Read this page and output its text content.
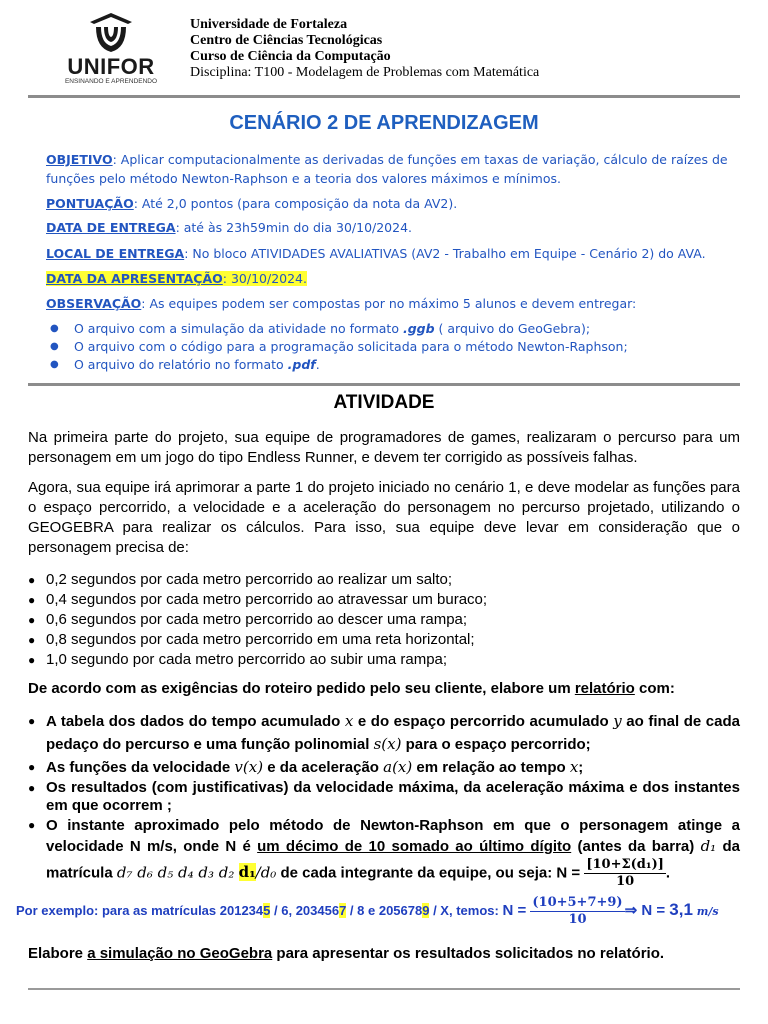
UNIFOR
ENSINANDO E APRENDENDO
Universidade de Fortaleza
Centro de Ciências Tecnológicas
Curso de Ciência da Computação
Disciplina: T100 - Modelagem de Problemas com Matemática
CENÁRIO 2 DE APRENDIZAGEM
OBJETIVO: Aplicar computacionalmente as derivadas de funções em taxas de variação, cálculo de raízes de funções pelo método Newton-Raphson e a teoria dos valores máximos e mínimos.
PONTUAÇÃO: Até 2,0 pontos (para composição da nota da AV2).
DATA DE ENTREGA: até às 23h59min do dia 30/10/2024.
LOCAL DE ENTREGA: No bloco ATIVIDADES AVALIATIVAS (AV2 - Trabalho em Equipe - Cenário 2) do AVA.
DATA DA APRESENTAÇÃO: 30/10/2024.
OBSERVAÇÃO: As equipes podem ser compostas por no máximo 5 alunos e devem entregar:
● O arquivo com a simulação da atividade no formato .ggb ( arquivo do GeoGebra);
● O arquivo com o código para a programação solicitada para o método Newton-Raphson;
● O arquivo do relatório no formato .pdf.
ATIVIDADE
Na primeira parte do projeto, sua equipe de programadores de games, realizaram o percurso para um personagem em um jogo do tipo Endless Runner, e devem ter corrigido as possíveis falhas.
Agora, sua equipe irá aprimorar a parte 1 do projeto iniciado no cenário 1, e deve modelar as funções para o espaço percorrido, a velocidade e a aceleração do personagem no percurso projetado, utilizando o GEOGEBRA para realizar os cálculos. Para isso, sua equipe deve levar em consideração que o personagem precisa de:
● 0,2 segundos por cada metro percorrido ao realizar um salto;
● 0,4 segundos por cada metro percorrido ao atravessar um buraco;
● 0,6 segundos por cada metro percorrido ao descer uma rampa;
● 0,8 segundos por cada metro percorrido em uma reta horizontal;
● 1,0 segundo por cada metro percorrido ao subir uma rampa;
De acordo com as exigências do roteiro pedido pelo seu cliente, elabore um relatório com:
● A tabela dos dados do tempo acumulado x e do espaço percorrido acumulado y ao final de cada pedaço do percurso e uma função polinomial s(x) para o espaço percorrido;
● As funções da velocidade v(x) e da aceleração a(x) em relação ao tempo x;
● Os resultados (com justificativas) da velocidade máxima, da aceleração máxima e dos instantes em que ocorrem ;
● O instante aproximado pelo método de Newton-Raphson em que o personagem atinge a velocidade N m/s, onde N é um décimo de 10 somado ao último dígito (antes da barra) d₁ da matrícula d₇ d₆ d₅ d₄ d₃ d₂ d₁/d₀ de cada integrante da equipe, ou seja: $N = \frac{\text{[10+Σ(d₁)]}}{10}$ .
Por exemplo: para as matrículas 2012345 / 6, 2034567 / 8 e 2056789 / X, temos: $N = \frac{(10+5+7+9)}{10}$ ⇒ N = 3,1 m/s
Elabore a simulação no GeoGebra para apresentar os resultados solicitados no relatório.
